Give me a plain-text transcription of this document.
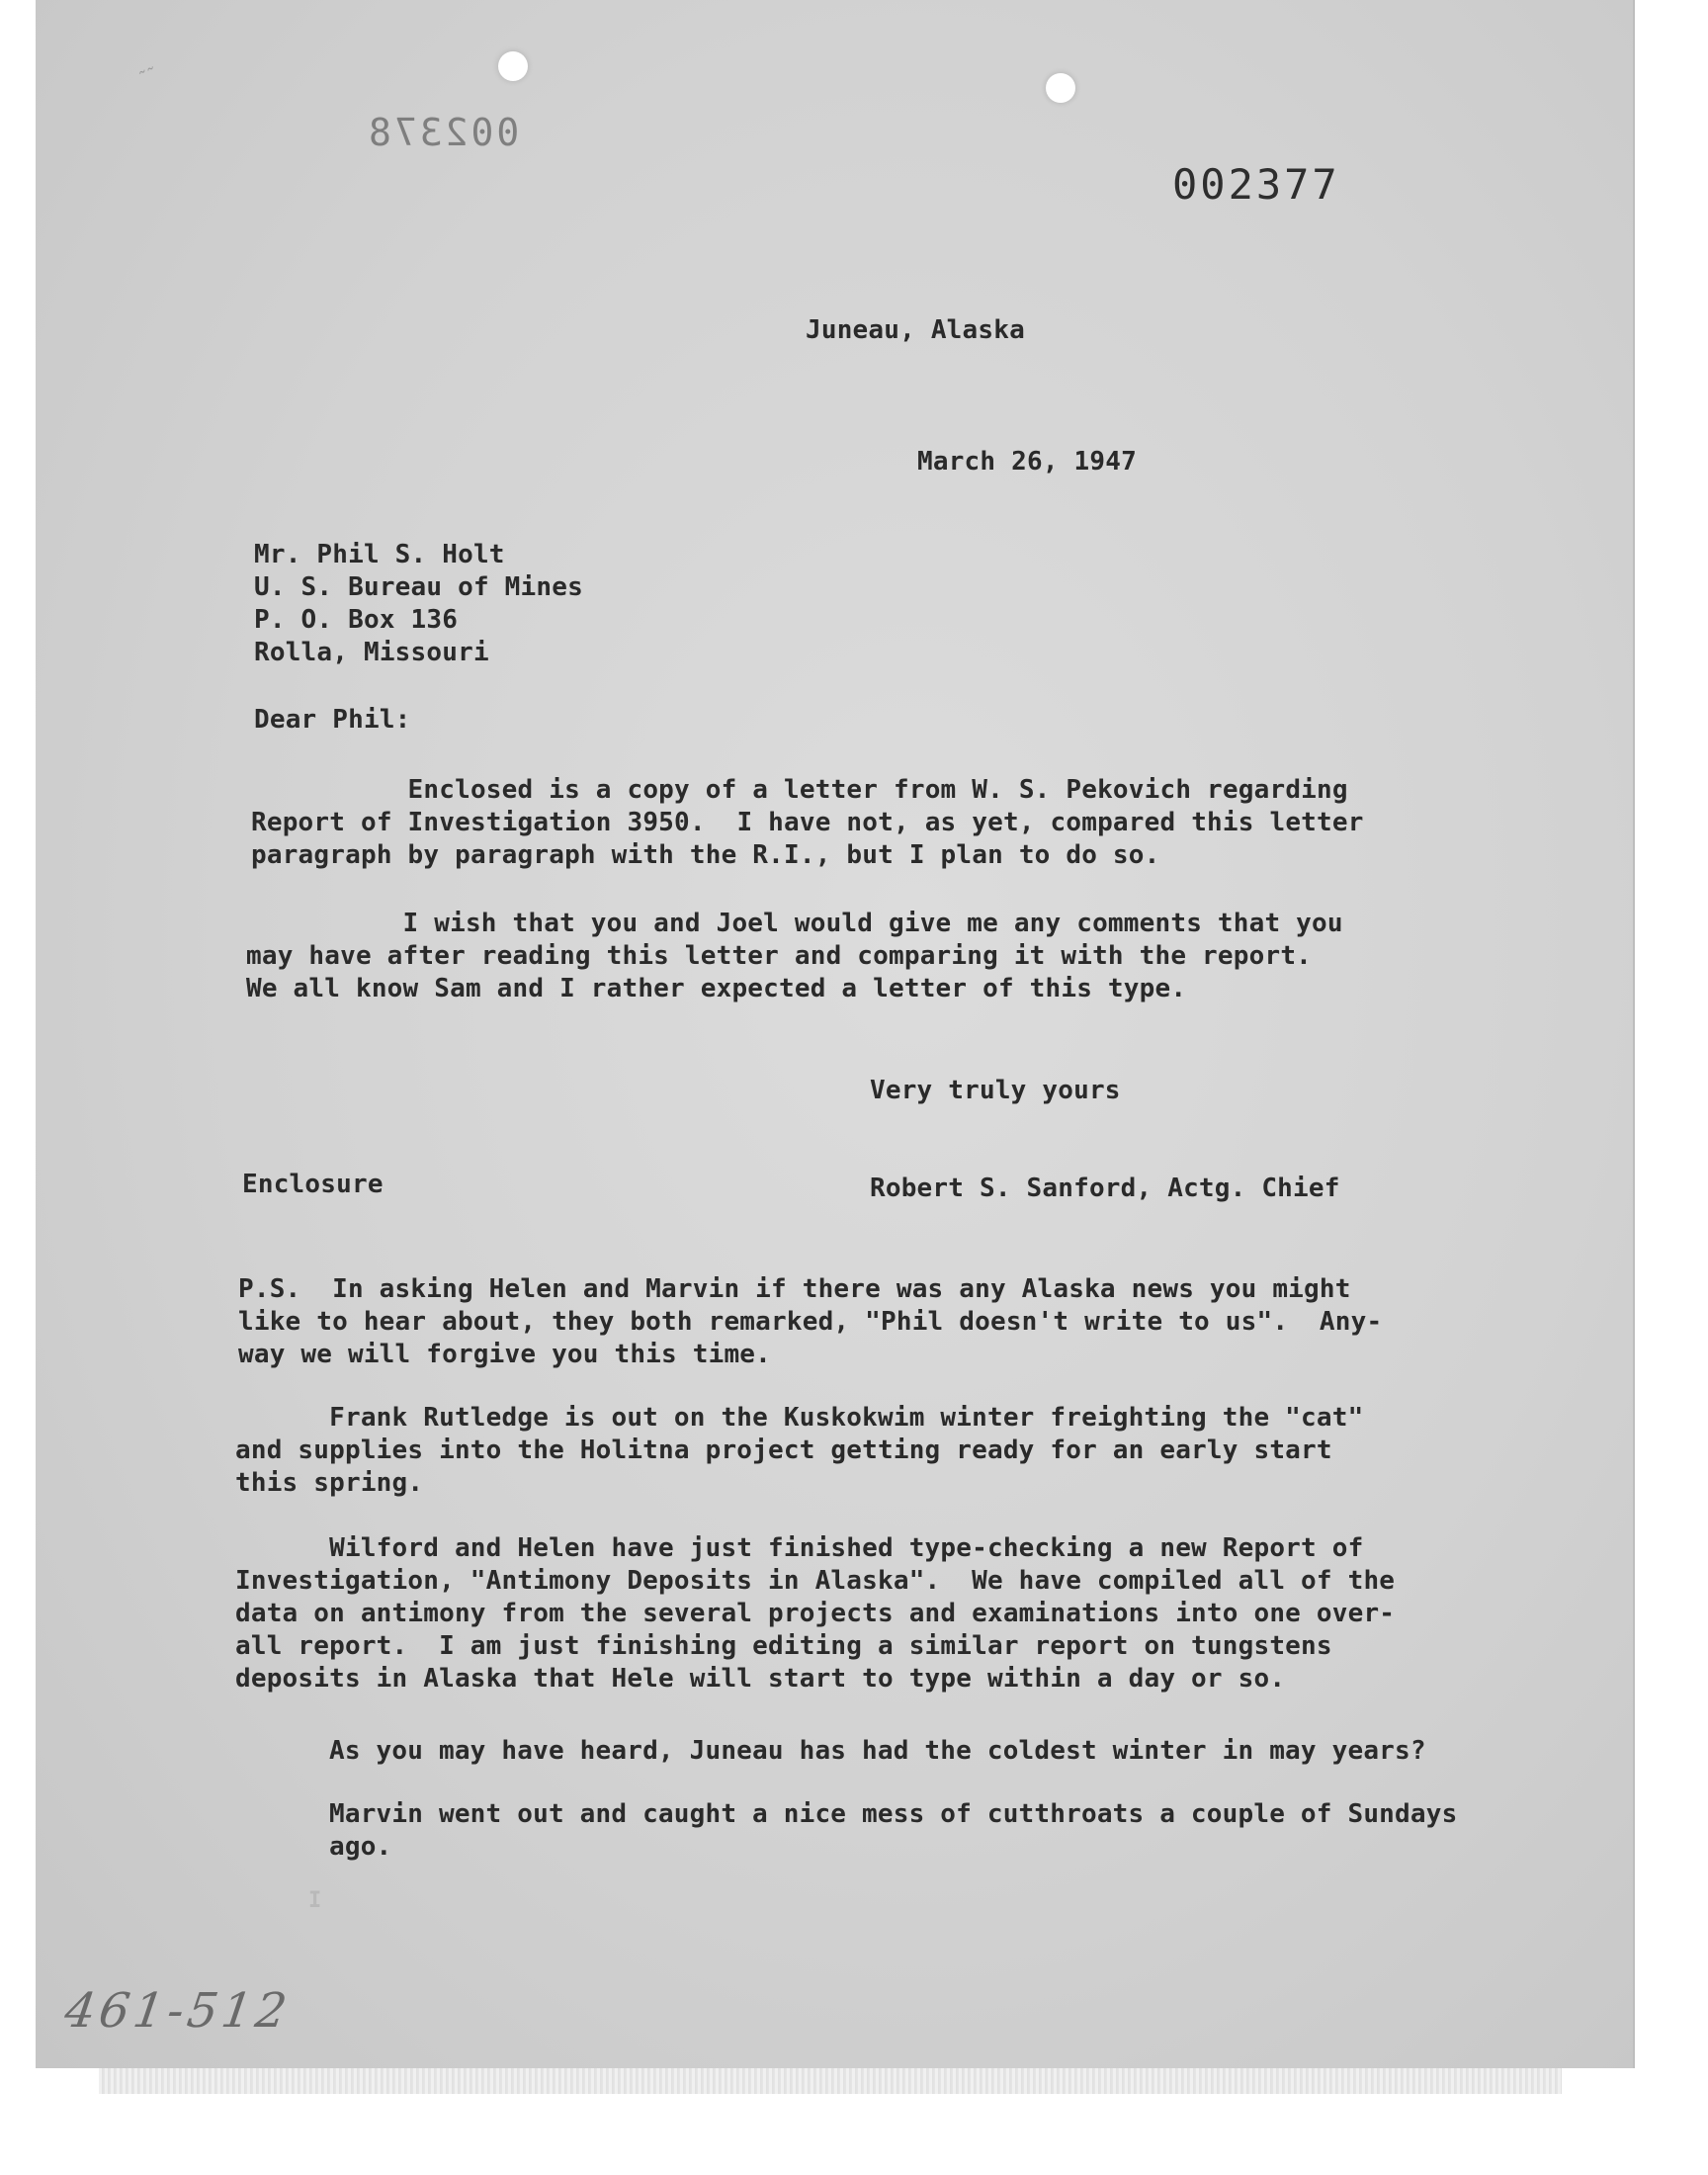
˜˜
002378
002377
Juneau, Alaska
March 26, 1947
Mr. Phil S. Holt
U. S. Bureau of Mines
P. O. Box 136
Rolla, Missouri
Dear Phil:
Enclosed is a copy of a letter from W. S. Pekovich regarding
Report of Investigation 3950.  I have not, as yet, compared this letter
paragraph by paragraph with the R.I., but I plan to do so.
I wish that you and Joel would give me any comments that you
may have after reading this letter and comparing it with the report.
We all know Sam and I rather expected a letter of this type.
Very truly yours
Enclosure	Robert S. Sanford, Actg. Chief
P.S.  In asking Helen and Marvin if there was any Alaska news you might
like to hear about, they both remarked, "Phil doesn't write to us".  Any-
way we will forgive you this time.
Frank Rutledge is out on the Kuskokwim winter freighting the "cat"
and supplies into the Holitna project getting ready for an early start
this spring.
Wilford and Helen have just finished type-checking a new Report of
Investigation, "Antimony Deposits in Alaska".  We have compiled all of the
data on antimony from the several projects and examinations into one over-
all report.  I am just finishing editing a similar report on tungstens
deposits in Alaska that Hele will start to type within a day or so.
As you may have heard, Juneau has had the coldest winter in may years?
Marvin went out and caught a nice mess of cutthroats a couple of Sundays
ago.
I
461-512
